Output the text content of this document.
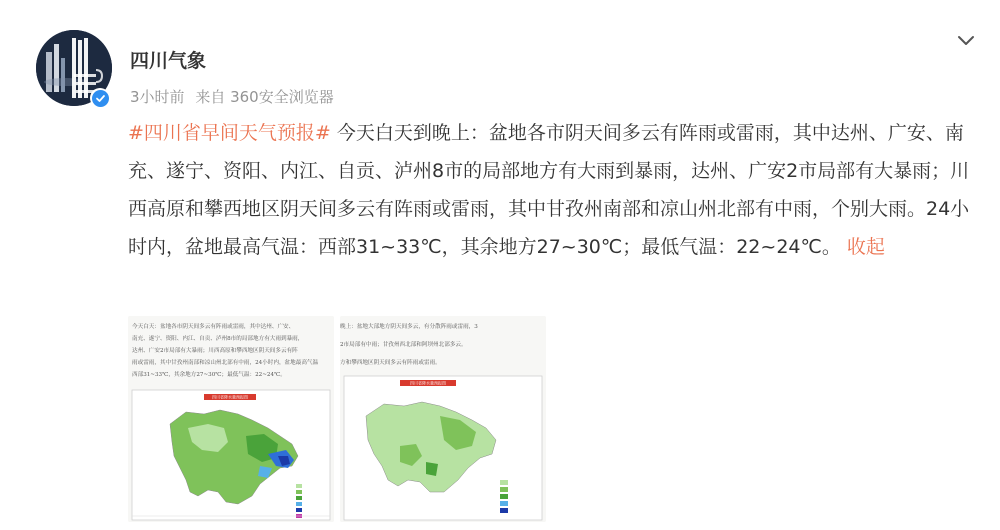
四川气象
3小时前 来自 360安全浏览器
#四川省早间天气预报# 今天白天到晚上：盆地各市阴天间多云有阵雨或雷雨，其中达州、广安、南充、遂宁、资阳、内江、自贡、泸州8市的局部地方有大雨到暴雨，达州、广安2市局部有大暴雨；川西高原和攀西地区阴天间多云有阵雨或雷雨，其中甘孜州南部和凉山州北部有中雨，个别大雨。24小时内，盆地最高气温：西部31~33℃，其余地方27~30℃；最低气温：22~24℃。 收起
今天白天：盆地各市阴天间多云有阵雨或雷雨，其中达州、广安、
南充、遂宁、资阳、内江、自贡、泸州8市的局部地方有大雨到暴雨，
达州、广安2市局部有大暴雨；川西高原和攀西地区阴天间多云有阵
雨或雷雨，其中甘孜州南部和凉山州北部有中雨，24小时内，盆地最高气温
西部31~33℃，其余地方27~30℃；最低气温：22~24℃。
四川省降水量预报图
晚上：盆地大部地方阴天间多云，有分散阵雨或雷雨，3
2市局部有中雨；甘孜州西北部和阿坝州北部多云。
方和攀西地区阴天间多云有阵雨或雷雨。
四川省降水量预报图
